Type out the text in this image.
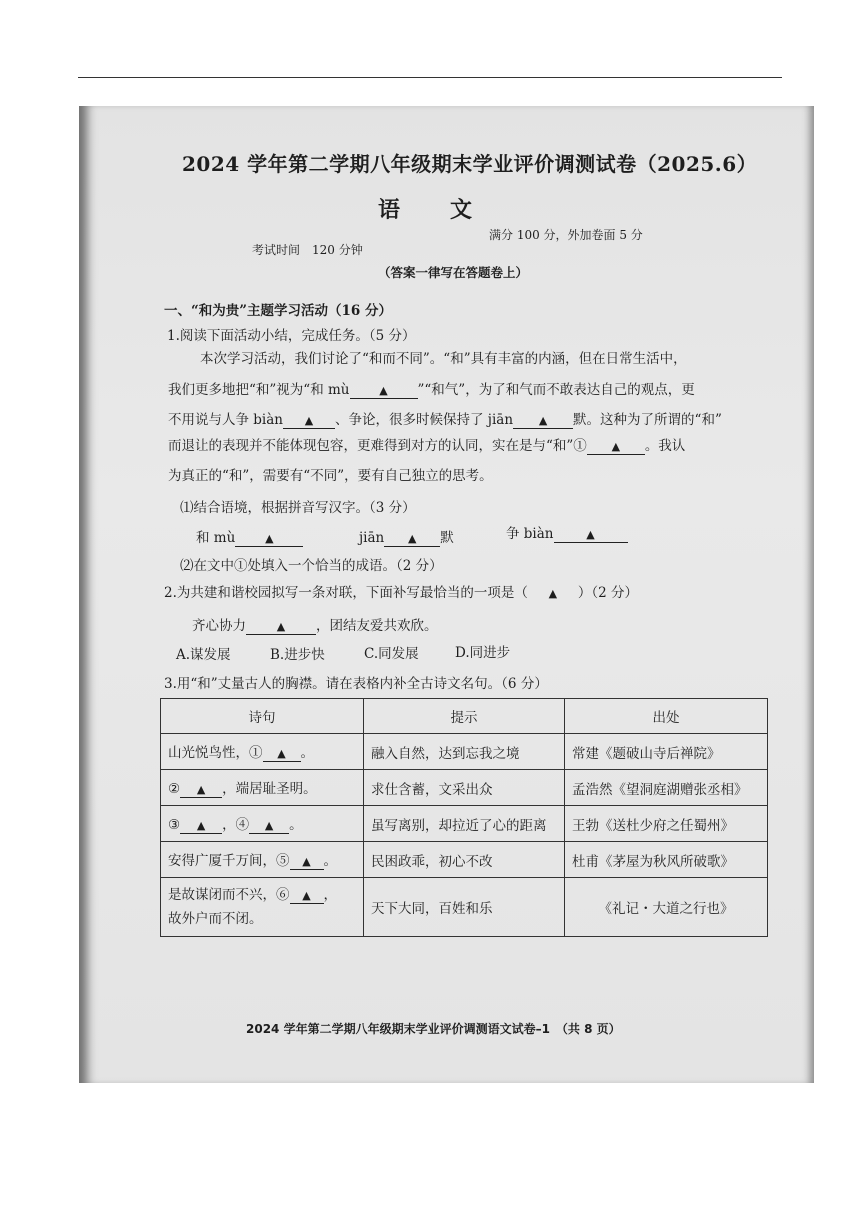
2024 学年第二学期八年级期末学业评价调测试卷（2025.6）
语文
考试时间　120 分钟
满分 100 分，外加卷面 5 分
（答案一律写在答题卷上）
一、“和为贵”主题学习活动（16 分）
1.阅读下面活动小结，完成任务。（5 分）
本次学习活动，我们讨论了“和而不同”。“和”具有丰富的内涵，但在日常生活中，
我们更多地把“和”视为“和 mù	▲ ”“和气”，为了和气而不敢表达自己的观点，更
不用说与人争 biàn ▲ 、争论，很多时候保持了 jiān ▲ 默。这种为了所谓的“和”
而退让的表现并不能体现包容，更难得到对方的认同，实在是与“和”① ▲ 。我认
为真正的“和”，需要有“不同”，要有自己独立的思考。
⑴结合语境，根据拼音写汉字。（3 分）
和 mù	▲	jiān ▲ 默	争 biàn	▲
⑵在文中①处填入一个恰当的成语。（2 分）
2.为共建和谐校园拟写一条对联，下面补写最恰当的一项是（ ▲ ）（2 分）
齐心协力	▲ ，团结友爱共欢欣。
A.谋发展	B.进步快	C.同发展	D.同进步
3.用“和”丈量古人的胸襟。请在表格内补全古诗文名句。（6 分）
诗句	提示	出处
山光悦鸟性，① ▲ 。	融入自然，达到忘我之境	常建《题破山寺后禅院》
② ▲ ，端居耻圣明。	求仕含蓄，文采出众	孟浩然《望洞庭湖赠张丞相》
③ ▲ ，④ ▲ 。	虽写离别，却拉近了心的距离	王勃《送杜少府之任蜀州》
安得广厦千万间，⑤ ▲ 。	民困政乖，初心不改	杜甫《茅屋为秋风所破歌》
是故谋闭而不兴，⑥ ▲ ，
故外户而不闭。	天下大同，百姓和乐	《礼记・大道之行也》
2024 学年第二学期八年级期末学业评价调测语文试卷–1　（共 8 页）
